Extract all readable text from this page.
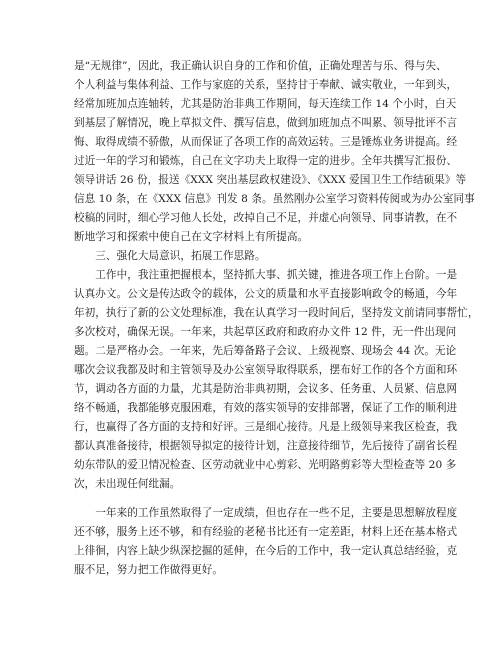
是“无规律”，因此，我正确认识自身的工作和价值，正确处理苦与乐、得与失、
个人利益与集体利益、工作与家庭的关系，坚持甘于奉献、诚实敬业，一年到头，
经常加班加点连轴转，尤其是防治非典工作期间，每天连续工作 14 个小时，白天
到基层了解情况，晚上草拟文件、撰写信息，做到加班加点不叫累、领导批评不言
悔、取得成绩不骄傲，从而保证了各项工作的高效运转。三是锤炼业务讲提高。经
过近一年的学习和锻炼，自己在文字功夫上取得一定的进步。全年共撰写汇报份、
领导讲话 26 份，报送《XXX 突出基层政权建设》、《XXX 爱国卫生工作结硕果》等
信息 10 条，在《XXX 信息》刊发 8 条。虽然刚办公室学习资料传阅或为办公室同事
校稿的同时，细心学习他人长处，改掉自己不足，并虚心向领导、同事请教，在不
断地学习和探索中使自己在文字材料上有所提高。

　　三、强化大局意识，拓展工作思路。

　　工作中，我注重把握根本，坚持抓大事、抓关键，推进各项工作上台阶。一是
认真办文。公文是传达政令的载体，公文的质量和水平直接影响政令的畅通，今年
年初，执行了新的公文处理标准，我在认真学习一段时间后，坚持发文前请同事帮忙，
多次校对，确保无误。一年来，共起草区政府和政府办文件 12 件，无一件出现问
题。二是严格办会。一年来，先后筹备路子会议、上级视察、现场会 44 次。无论
哪次会议我都及时和主管领导及办公室领导取得联系，摆布好工作的各个方面和环
节，调动各方面的力量，尤其是防治非典初期，会议多、任务重、人员紧、信息网
络不畅通，我都能够克服困难，有效的落实领导的安排部署，保证了工作的顺利进
行，也赢得了各方面的支持和好评。三是细心接待。凡是上级领导来我区检查，我
都认真准备接待，根据领导拟定的接待计划，注意接待细节，先后接待了副省长程
幼东带队的爱卫情况检查、区劳动就业中心剪彩、光明路剪彩等大型检查等 20 多
次，未出现任何纰漏。

　　一年来的工作虽然取得了一定成绩，但也存在一些不足，主要是思想解放程度
还不够，服务上还不够，和有经验的老秘书比还有一定差距，材料上还在基本格式
上徘徊，内容上缺少纵深挖掘的延伸，在今后的工作中，我一定认真总结经验，克
服不足，努力把工作做得更好。
